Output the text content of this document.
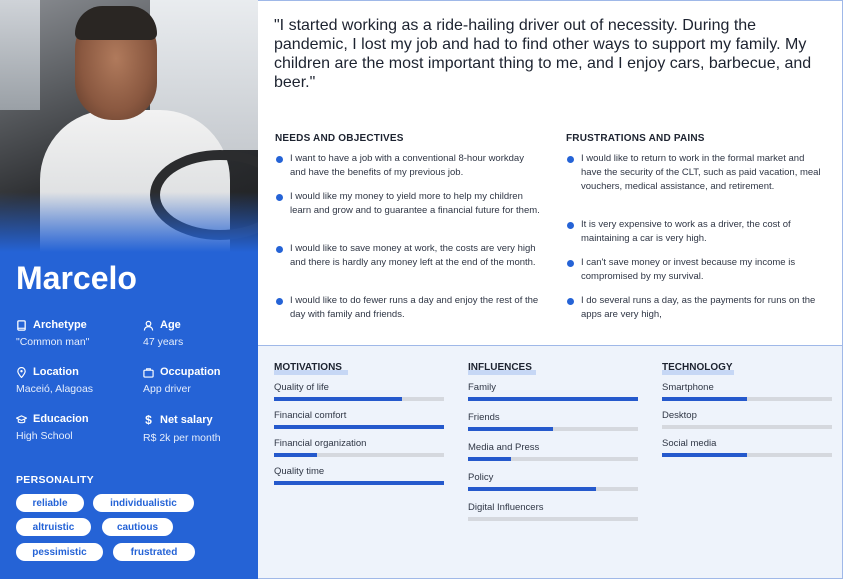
Marcelo
Archetype
"Common man"
Age
47 years
Location
Maceió, Alagoas
Occupation
App driver
Educacion
High School
$ Net salary
R$ 2k per month
PERSONALITY
reliable	individualistic
altruistic	cautious
pessimistic	frustrated
"I started working as a ride-hailing driver out of necessity. During the pandemic, I lost my job and had to find other ways to support my family. My children are the most important thing to me, and I enjoy cars, barbecue, and beer."
NEEDS AND OBJECTIVES	FRUSTRATIONS AND PAINS
I want to have a job with a conventional 8-hour workday and have the benefits of my previous job.
I would like my money to yield more to help my children learn and grow and to guarantee a financial future for them.
I would like to save money at work, the costs are very high and there is hardly any money left at the end of the month.
I would like to do fewer runs a day and enjoy the rest of the day with family and friends.
I would like to return to work in the formal market and have the security of the CLT, such as paid vacation, meal vouchers, medical assistance, and retirement.
It is very expensive to work as a driver, the cost of maintaining a car is very high.
I can't save money or invest because my income is compromised by my survival.
I do several runs a day, as the payments for runs on the apps are very high,
MOTIVATIONS	INFLUENCES	TECHNOLOGY
Quality of life
Financial comfort
Financial organization
Quality time
Family
Friends
Media and Press
Policy
Digital Influencers
Smartphone
Desktop
Social media
